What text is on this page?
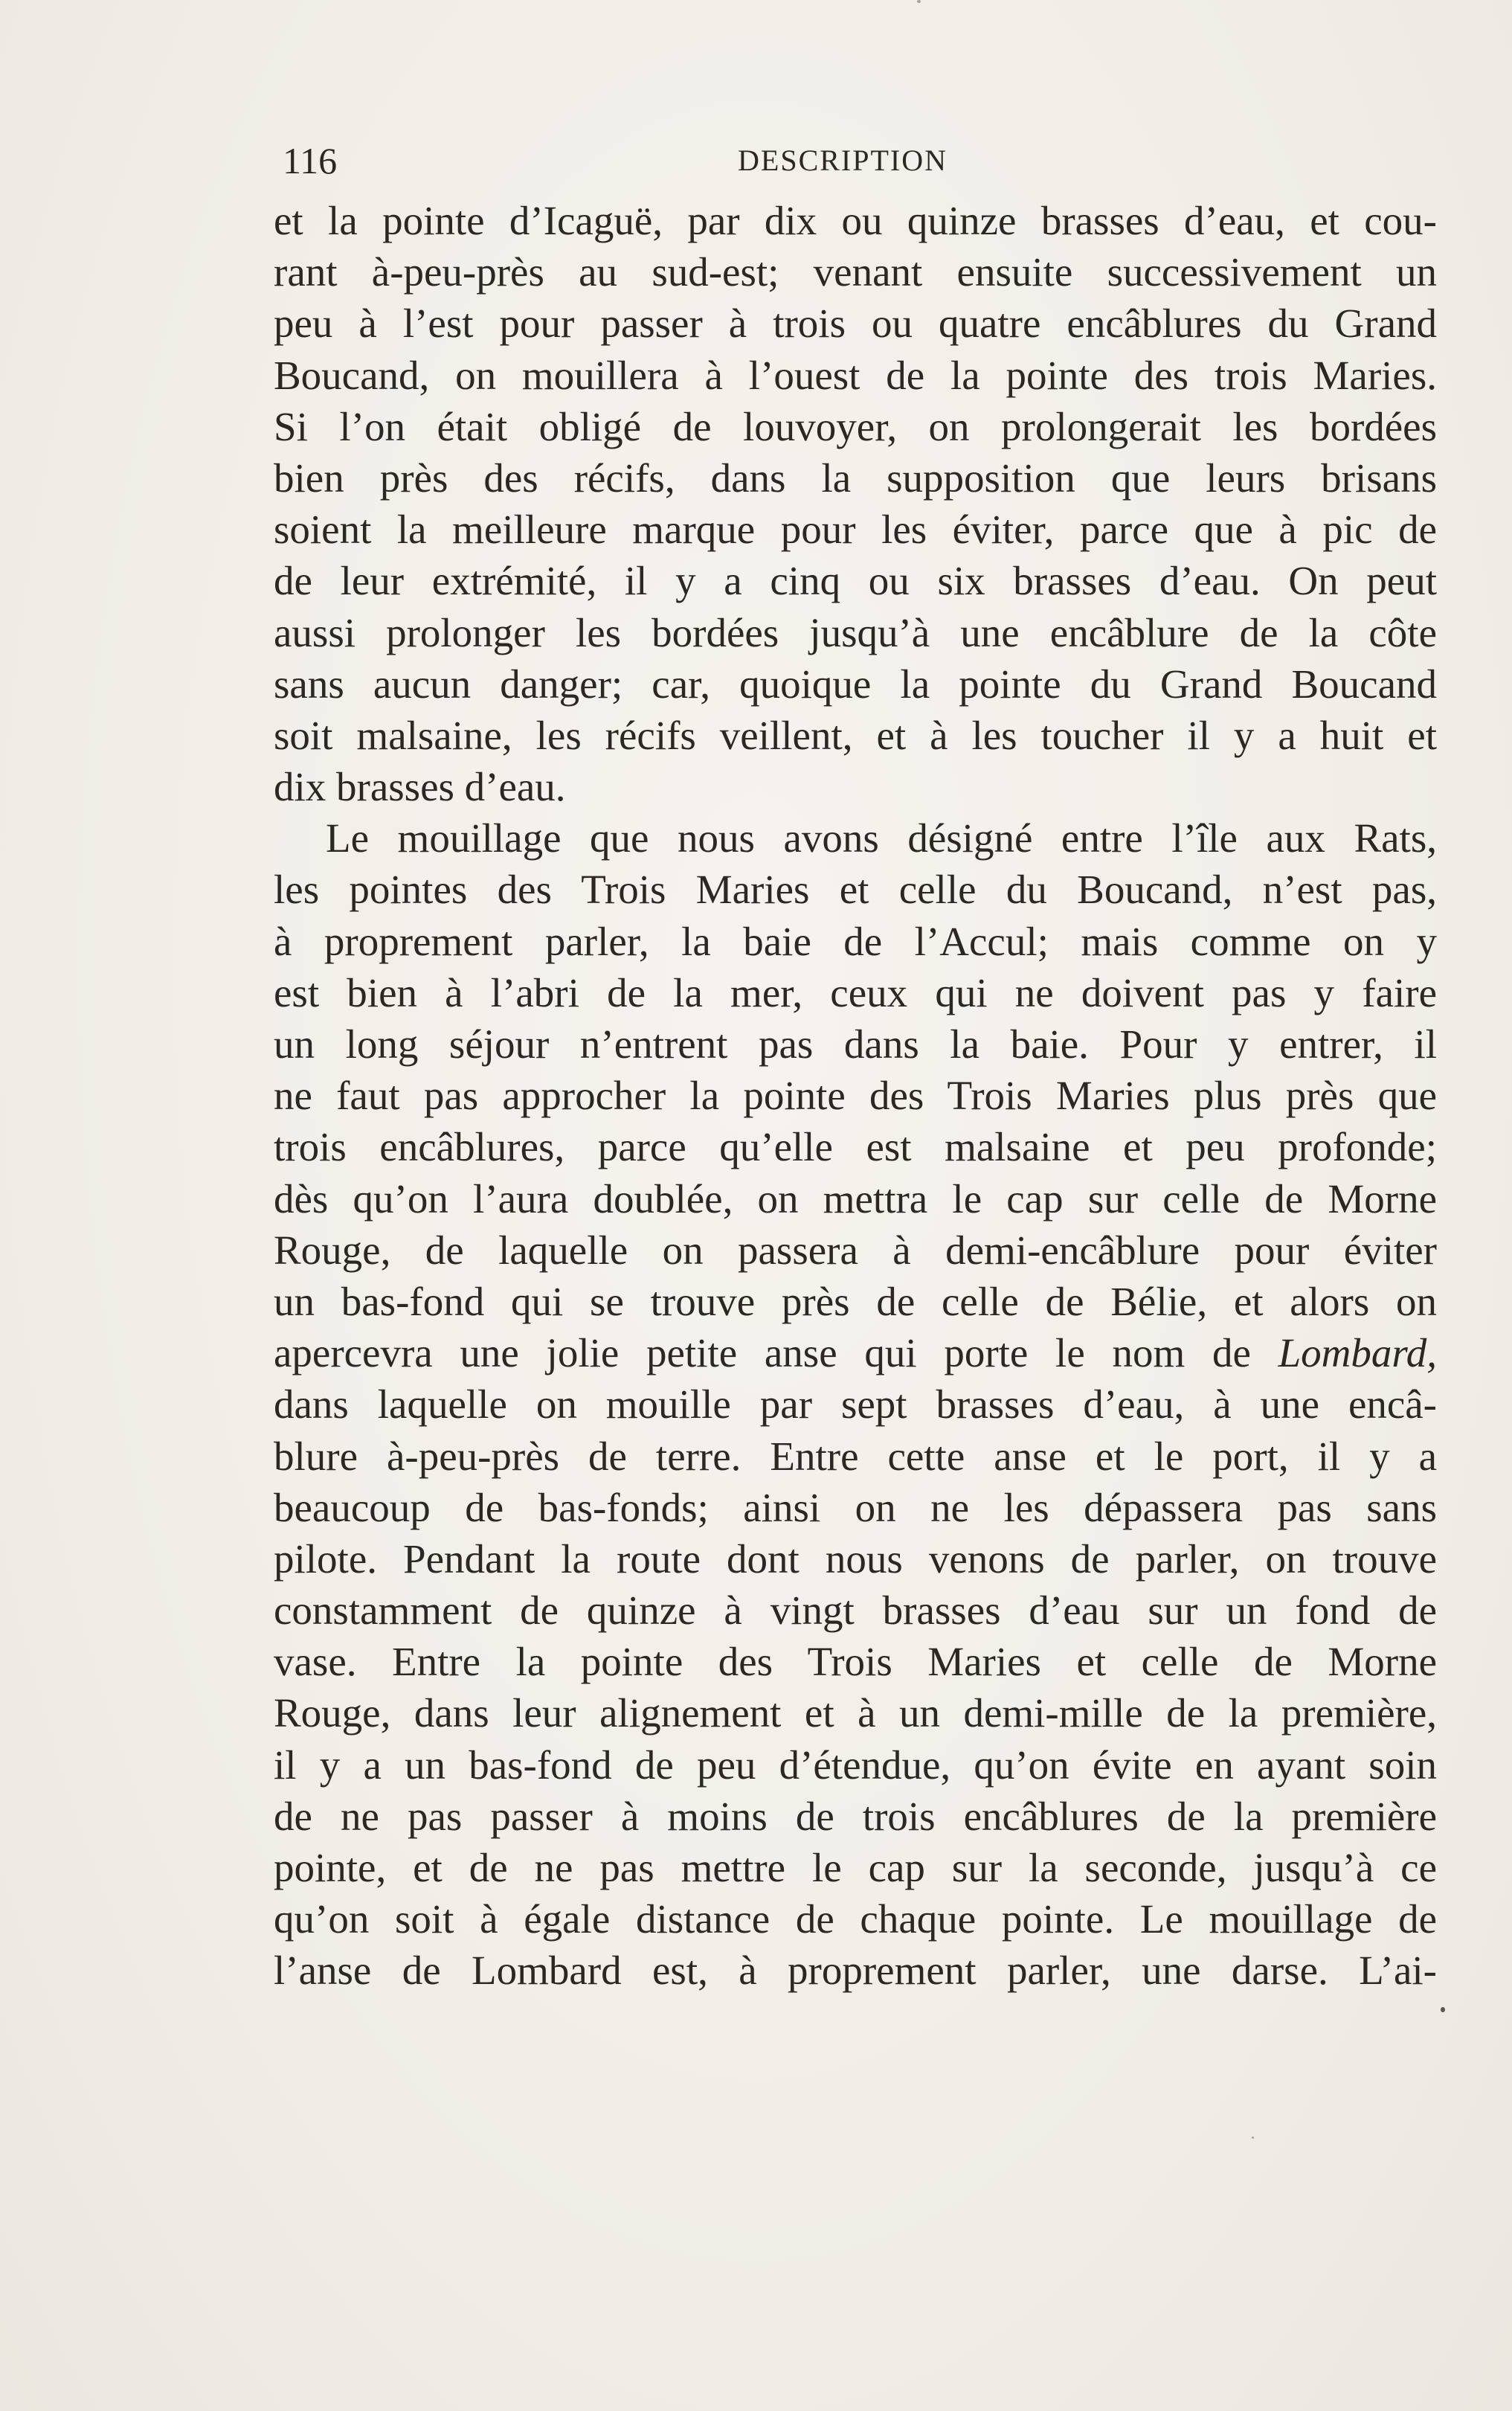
116	DESCRIPTION
et la pointe d’Icaguë, par dix ou quinze brasses d’eau, et cou-
rant à-peu-près au sud-est; venant ensuite successivement un
peu à l’est pour passer à trois ou quatre encâblures du Grand
Boucand, on mouillera à l’ouest de la pointe des trois Maries.
Si l’on était obligé de louvoyer, on prolongerait les bordées
bien près des récifs, dans la supposition que leurs brisans
soient la meilleure marque pour les éviter, parce que à pic de
de leur extrémité, il y a cinq ou six brasses d’eau. On peut
aussi prolonger les bordées jusqu’à une encâblure de la côte
sans aucun danger; car, quoique la pointe du Grand Boucand
soit malsaine, les récifs veillent, et à les toucher il y a huit et
dix brasses d’eau.
Le mouillage que nous avons désigné entre l’île aux Rats,
les pointes des Trois Maries et celle du Boucand, n’est pas,
à proprement parler, la baie de l’Accul; mais comme on y
est bien à l’abri de la mer, ceux qui ne doivent pas y faire
un long séjour n’entrent pas dans la baie. Pour y entrer, il
ne faut pas approcher la pointe des Trois Maries plus près que
trois encâblures, parce qu’elle est malsaine et peu profonde;
dès qu’on l’aura doublée, on mettra le cap sur celle de Morne
Rouge, de laquelle on passera à demi-encâblure pour éviter
un bas-fond qui se trouve près de celle de Bélie, et alors on
apercevra une jolie petite anse qui porte le nom de Lombard,
dans laquelle on mouille par sept brasses d’eau, à une encâ-
blure à-peu-près de terre. Entre cette anse et le port, il y a
beaucoup de bas-fonds; ainsi on ne les dépassera pas sans
pilote. Pendant la route dont nous venons de parler, on trouve
constamment de quinze à vingt brasses d’eau sur un fond de
vase. Entre la pointe des Trois Maries et celle de Morne
Rouge, dans leur alignement et à un demi-mille de la première,
il y a un bas-fond de peu d’étendue, qu’on évite en ayant soin
de ne pas passer à moins de trois encâblures de la première
pointe, et de ne pas mettre le cap sur la seconde, jusqu’à ce
qu’on soit à égale distance de chaque pointe. Le mouillage de
l’anse de Lombard est, à proprement parler, une darse. L’ai-
